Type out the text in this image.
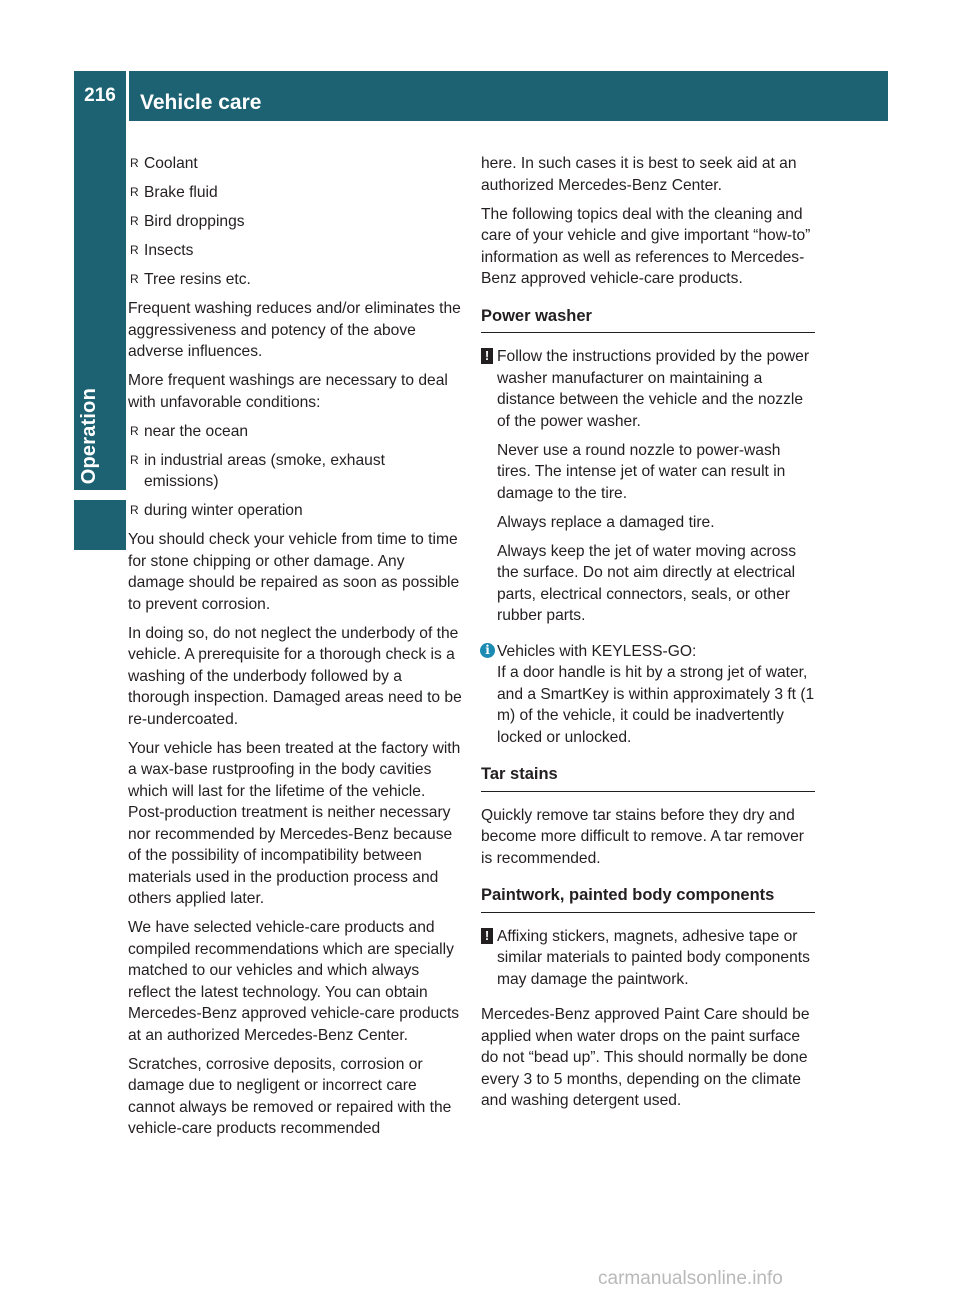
216	Vehicle care
Operation
R Coolant
R Brake fluid
R Bird droppings
R Insects
R Tree resins etc.

Frequent washing reduces and/or eliminates the aggressiveness and potency of the above adverse influences.

More frequent washings are necessary to deal with unfavorable conditions:

R near the ocean
R in industrial areas (smoke, exhaust emissions)
R during winter operation

You should check your vehicle from time to time for stone chipping or other damage. Any damage should be repaired as soon as possible to prevent corrosion.

In doing so, do not neglect the underbody of the vehicle. A prerequisite for a thorough check is a washing of the underbody followed by a thorough inspection. Damaged areas need to be re-undercoated.

Your vehicle has been treated at the factory with a wax-base rustproofing in the body cavities which will last for the lifetime of the vehicle. Post-production treatment is neither necessary nor recommended by Mercedes-Benz because of the possibility of incompatibility between materials used in the production process and others applied later.

We have selected vehicle-care products and compiled recommendations which are specially matched to our vehicles and which always reflect the latest technology. You can obtain Mercedes-Benz approved vehicle-care products at an authorized Mercedes-Benz Center.

Scratches, corrosive deposits, corrosion or damage due to negligent or incorrect care cannot always be removed or repaired with the vehicle-care products recommended

here. In such cases it is best to seek aid at an authorized Mercedes-Benz Center.

The following topics deal with the cleaning and care of your vehicle and give important “how-to” information as well as references to Mercedes-Benz approved vehicle-care products.

Power washer
! Follow the instructions provided by the power washer manufacturer on maintaining a distance between the vehicle and the nozzle of the power washer.

Never use a round nozzle to power-wash tires. The intense jet of water can result in damage to the tire.

Always replace a damaged tire.

Always keep the jet of water moving across the surface. Do not aim directly at electrical parts, electrical connectors, seals, or other rubber parts.

i Vehicles with KEYLESS-GO:
If a door handle is hit by a strong jet of water, and a SmartKey is within approximately 3 ft (1 m) of the vehicle, it could be inadvertently locked or unlocked.
Tar stains

Quickly remove tar stains before they dry and become more difficult to remove. A tar remover is recommended.

Paintwork, painted body components
! Affixing stickers, magnets, adhesive tape or similar materials to painted body components may damage the paintwork.

Mercedes-Benz approved Paint Care should be applied when water drops on the paint surface do not “bead up”. This should normally be done every 3 to 5 months, depending on the climate and washing detergent used.

carmanualsonline.info
